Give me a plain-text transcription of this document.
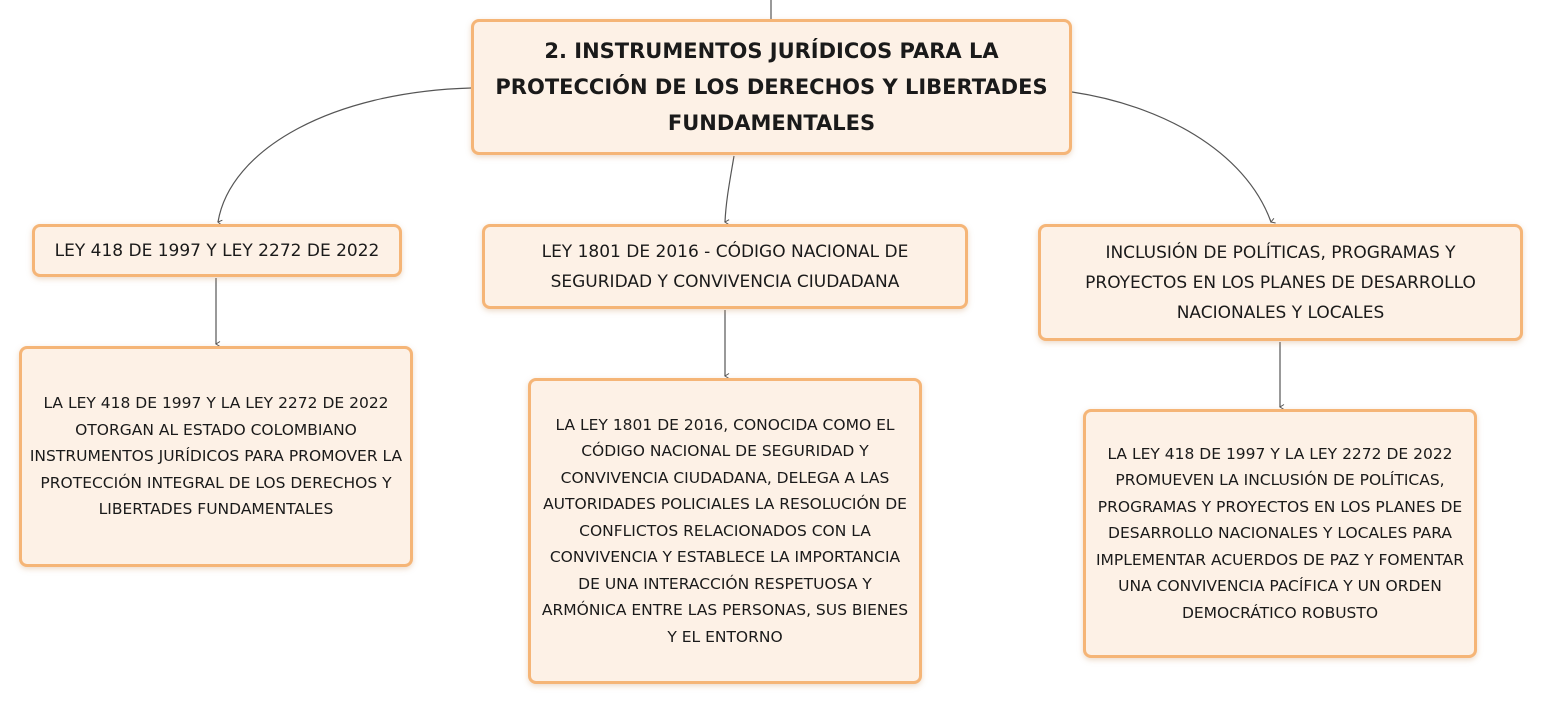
2. INSTRUMENTOS JURÍDICOS PARA LA PROTECCIÓN DE LOS DERECHOS Y LIBERTADES FUNDAMENTALES
LEY 418 DE 1997 Y LEY 2272 DE 2022	LEY 1801 DE 2016 - CÓDIGO NACIONAL DE SEGURIDAD Y CONVIVENCIA CIUDADANA
INCLUSIÓN DE POLÍTICAS, PROGRAMAS Y PROYECTOS EN LOS PLANES DE DESARROLLO NACIONALES Y LOCALES
LA LEY 418 DE 1997 Y LA LEY 2272 DE 2022 OTORGAN AL ESTADO COLOMBIANO INSTRUMENTOS JURÍDICOS PARA PROMOVER LA PROTECCIÓN INTEGRAL DE LOS DERECHOS Y LIBERTADES FUNDAMENTALES
LA LEY 1801 DE 2016, CONOCIDA COMO EL CÓDIGO NACIONAL DE SEGURIDAD Y CONVIVENCIA CIUDADANA, DELEGA A LAS AUTORIDADES POLICIALES LA RESOLUCIÓN DE CONFLICTOS RELACIONADOS CON LA CONVIVENCIA Y ESTABLECE LA IMPORTANCIA DE UNA INTERACCIÓN RESPETUOSA Y ARMÓNICA ENTRE LAS PERSONAS, SUS BIENES Y EL ENTORNO
LA LEY 418 DE 1997 Y LA LEY 2272 DE 2022 PROMUEVEN LA INCLUSIÓN DE POLÍTICAS, PROGRAMAS Y PROYECTOS EN LOS PLANES DE DESARROLLO NACIONALES Y LOCALES PARA IMPLEMENTAR ACUERDOS DE PAZ Y FOMENTAR UNA CONVIVENCIA PACÍFICA Y UN ORDEN DEMOCRÁTICO ROBUSTO
